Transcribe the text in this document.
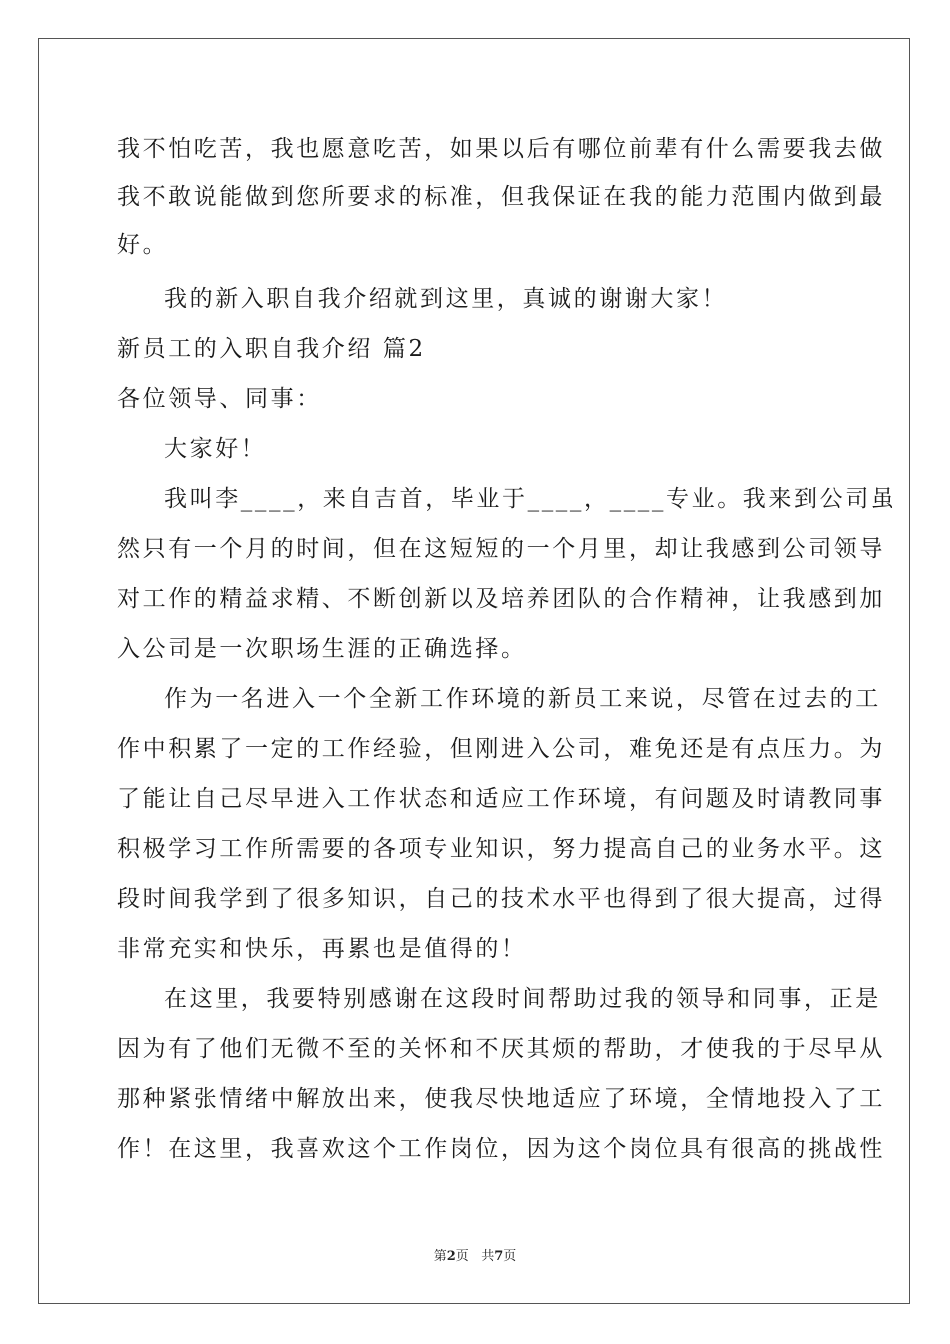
我不怕吃苦，我也愿意吃苦，如果以后有哪位前辈有什么需要我去做
我不敢说能做到您所要求的标准，但我保证在我的能力范围内做到最
好。
我的新入职自我介绍就到这里，真诚的谢谢大家！
新员工的入职自我介绍 篇2
各位领导、同事：
大家好！
我叫李____，来自吉首，毕业于____，____专业。我来到公司虽
然只有一个月的时间，但在这短短的一个月里，却让我感到公司领导
对工作的精益求精、不断创新以及培养团队的合作精神，让我感到加
入公司是一次职场生涯的正确选择。
作为一名进入一个全新工作环境的新员工来说，尽管在过去的工
作中积累了一定的工作经验，但刚进入公司，难免还是有点压力。为
了能让自己尽早进入工作状态和适应工作环境，有问题及时请教同事
积极学习工作所需要的各项专业知识，努力提高自己的业务水平。这
段时间我学到了很多知识，自己的技术水平也得到了很大提高，过得
非常充实和快乐，再累也是值得的！
在这里，我要特别感谢在这段时间帮助过我的领导和同事，正是
因为有了他们无微不至的关怀和不厌其烦的帮助，才使我的于尽早从
那种紧张情绪中解放出来，使我尽快地适应了环境，全情地投入了工
作！在这里，我喜欢这个工作岗位，因为这个岗位具有很高的挑战性
第2页 共7页
